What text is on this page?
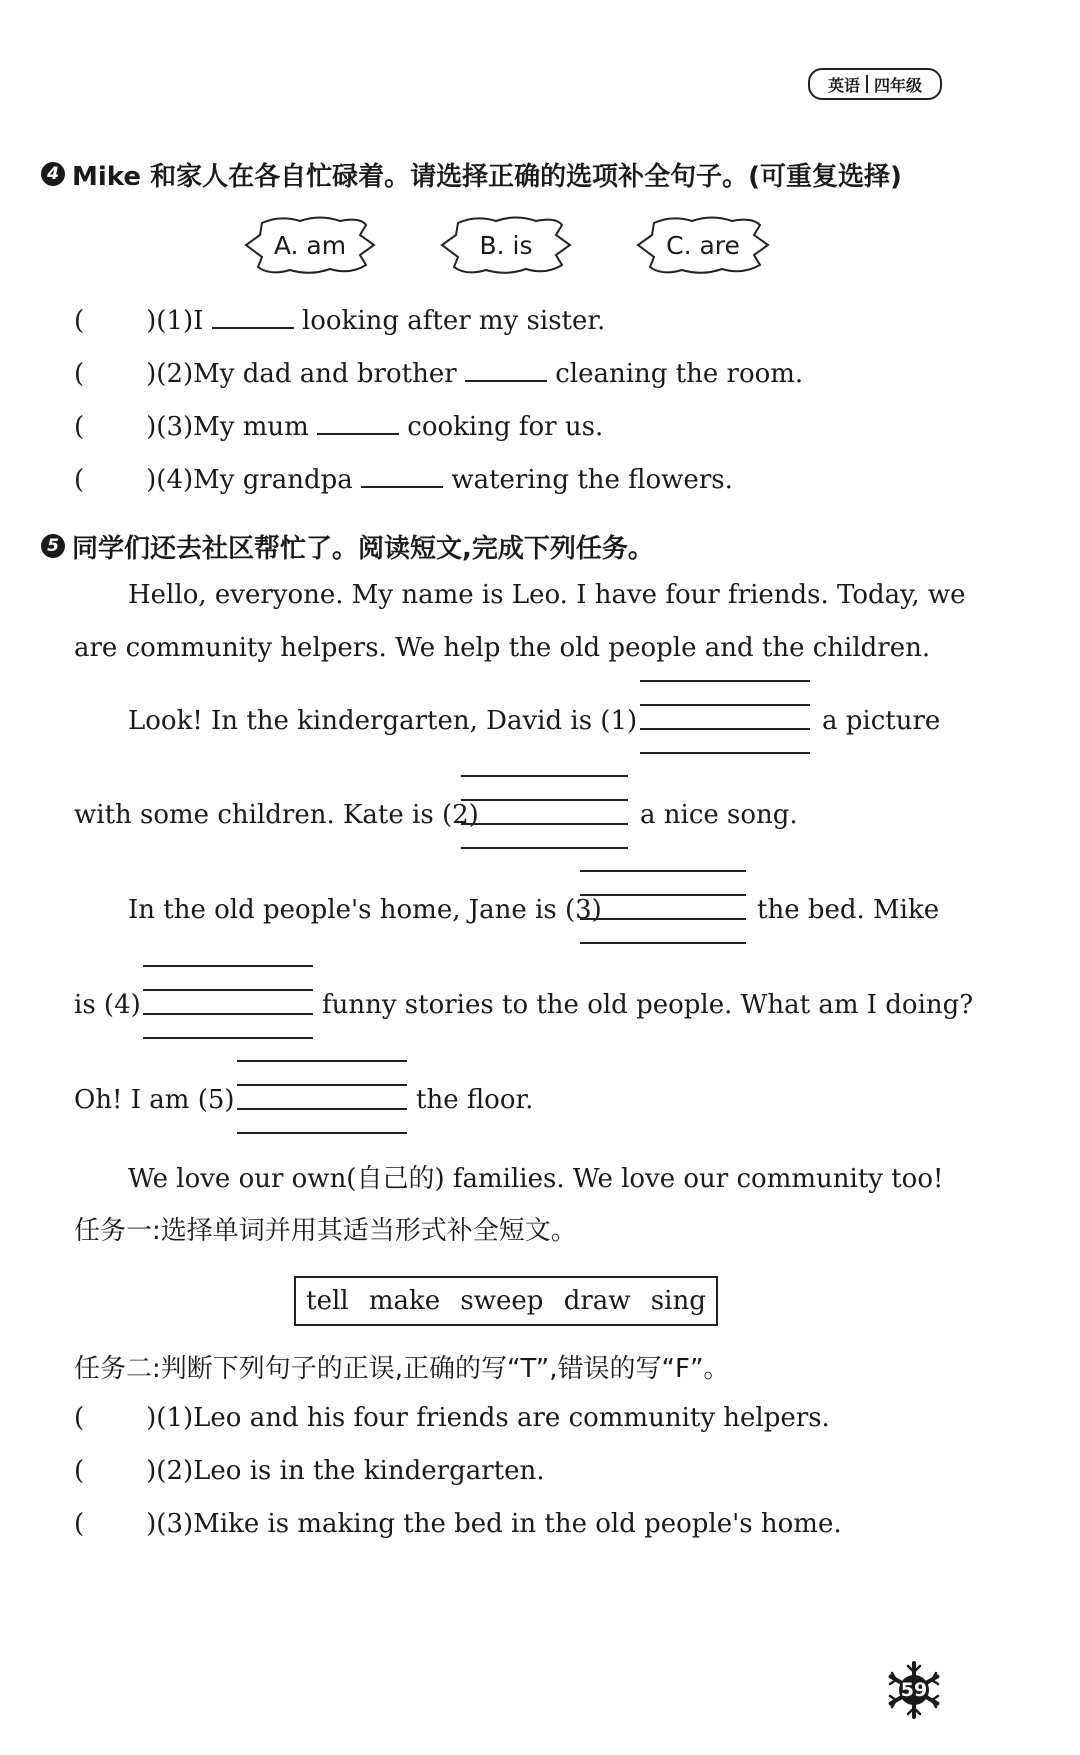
英语 四年级
4 Mike 和家人在各自忙碌着。请选择正确的选项补全句子。(可重复选择)
A. am	B. is	C. are
( )(1)I	looking after my sister.
( )(2)My dad and brother	cleaning the room.
( )(3)My mum	cooking for us.
( )(4)My grandpa	watering the flowers.
5 同学们还去社区帮忙了。阅读短文,完成下列任务。
Hello, everyone. My name is Leo. I have four friends. Today, we
are community helpers. We help the old people and the children.
Look! In the kindergarten, David is (1)	a picture
with some children. Kate is (2)	a nice song.
In the old people's home, Jane is (3)	the bed. Mike
is (4)	funny stories to the old people. What am I doing?
Oh! I am (5)	the floor.
We love our own(自己的) families. We love our community too!
任务一:选择单词并用其适当形式补全短文。
tell make sweep draw sing
任务二:判断下列句子的正误,正确的写“T”,错误的写“F”。
( )(1)Leo and his four friends are community helpers.
( )(2)Leo is in the kindergarten.
( )(3)Mike is making the bed in the old people's home.
59
